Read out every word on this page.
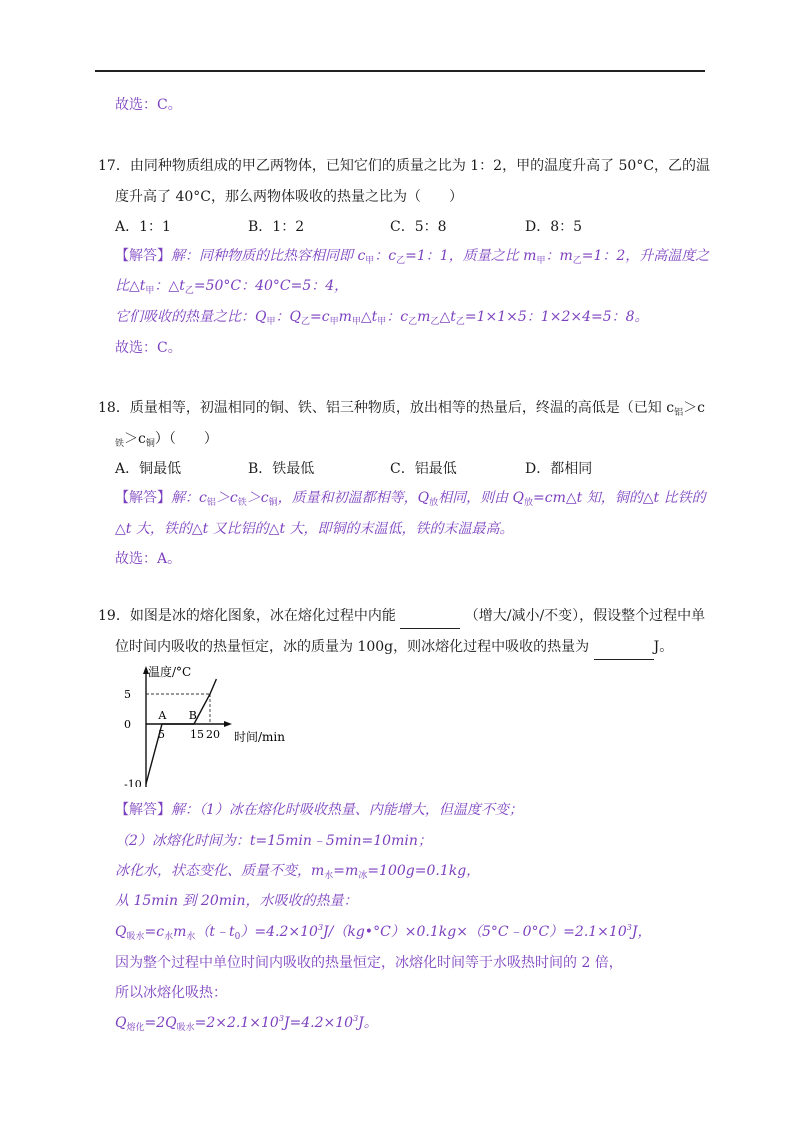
故选：C。
17．由同种物质组成的甲乙两物体，已知它们的质量之比为 1：2，甲的温度升高了 50°C，乙的温
度升高了 40°C，那么两物体吸收的热量之比为（　　）
A．1：1	B．1：2	C．5：8	D．8：5
【解答】解：同种物质的比热容相同即 $c_甲$：$c_乙=1$：1，质量之比 $m_甲$：$m_乙=1$：2，升高温度之
比$\triangle t_甲$：$\triangle t_乙=50^\circ C$：40°C=5：4，
它们吸收的热量之比：$Q_甲$：$Q_乙=c_甲m_甲\triangle t_甲$：$c_乙m_乙\triangle t_乙=1\times 1\times 5$：1×2×4=5：8。
故选：C。
18．质量相等，初温相同的铜、铁、铝三种物质，放出相等的热量后，终温的高低是（已知 $c_铝>c$
$_铁>c_铜$）（　　）
A．铜最低	B．铁最低	C．铝最低	D．都相同
【解答】解：$c_铝>c_铁>c_铜$，质量和初温都相等，$Q_放$相同，则由 $Q_放=cm\triangle t$ 知，铜的△t 比铁的
△t 大，铁的△t 又比铝的△t 大，即铜的末温低，铁的末温最高。
故选：A。
19．如图是冰的熔化图象，冰在熔化过程中内能	（增大/减小/不变），假设整个过程中单
位时间内吸收的热量恒定，冰的质量为 100g，则冰熔化过程中吸收的热量为	J。
温度/°C
时间/min
5
0
-10
5 15 20
A B
【解答】解：（1）冰在熔化时吸收热量、内能增大，但温度不变；
（2）冰熔化时间为：t=15min﹣5min=10min；
冰化水，状态变化、质量不变，$m_水=m_冰=100g=0.1kg$，
从 15min 到 20min，水吸收的热量：
$Q_{吸水}=c_水m_水(t﹣t_0)=4.2\times 10^3J/(kg•^\circ C)\times 0.1kg\times(5^\circ C﹣0^\circ C)=2.1\times 10^3J$，
因为整个过程中单位时间内吸收的热量恒定，冰熔化时间等于水吸热时间的 2 倍，
所以冰熔化吸热：
$Q_{熔化}=2Q_{吸水}=2\times 2.1\times 10^3J=4.2\times 10^3J$。
